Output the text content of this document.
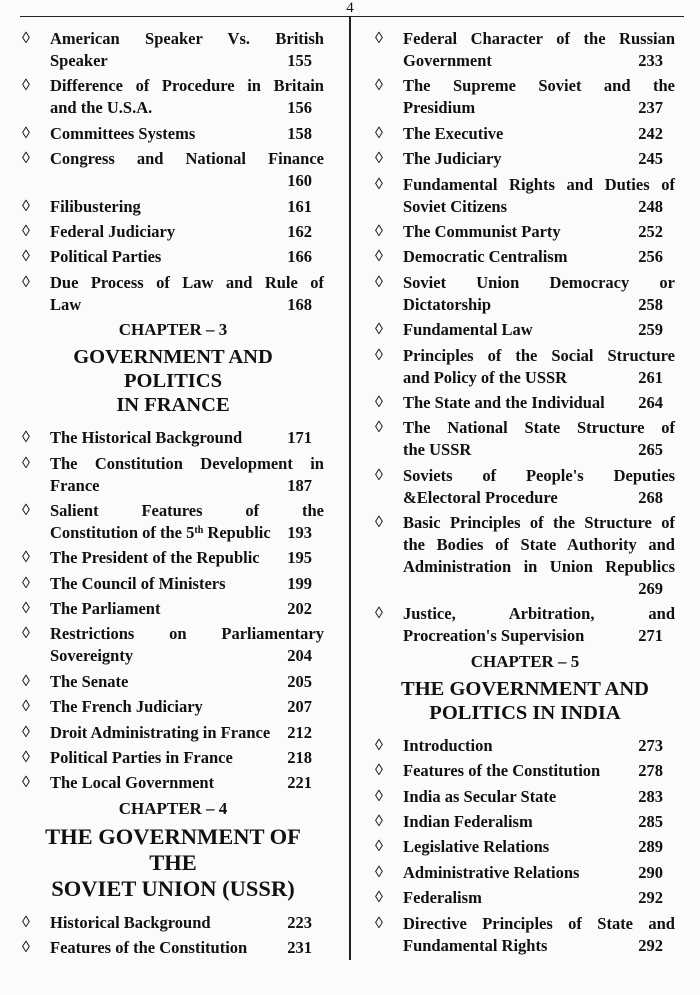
4
◊ American Speaker Vs. British
Speaker	155
◊ Difference of Procedure in Britain
and the U.S.A.	156
◊ Committees Systems	158
◊ Congress and National Finance
160
◊ Filibustering	161
◊ Federal Judiciary	162
◊ Political Parties	166
◊ Due Process of Law and Rule of
Law	168
CHAPTER – 3
GOVERNMENT AND POLITICS
IN FRANCE
◊ The Historical Background	171
◊ The Constitution Development in
France	187
◊ Salient Features of the
Constitution of the 5th Republic 193
◊ The President of the Republic 195
◊ The Council of Ministers	199
◊ The Parliament	202
◊ Restrictions on Parliamentary
Sovereignty	204
◊ The Senate	205
◊ The French Judiciary	207
◊ Droit Administrating in France 212
◊ Political Parties in France	218
◊ The Local Government	221
CHAPTER – 4
THE GOVERNMENT OF THE
SOVIET UNION (USSR)
◊ Historical Background	223
◊ Features of the Constitution 231
◊ Federal Character of the Russian
Government	233
◊ The Supreme Soviet and the
Presidium	237
◊ The Executive	242
◊ The Judiciary	245
◊ Fundamental Rights and Duties of
Soviet Citizens	248
◊ The Communist Party	252
◊ Democratic Centralism	256
◊ Soviet Union Democracy or
Dictatorship	258
◊ Fundamental Law	259
◊ Principles of the Social Structure
and Policy of the USSR	261
◊ The State and the Individual 264
◊ The National State Structure of
the USSR	265
◊ Soviets of People's Deputies
&Electoral Procedure	268
◊ Basic Principles of the Structure of
the Bodies of State Authority and
Administration in Union Republics
269
◊ Justice, Arbitration, and
Procreation's Supervision	271
CHAPTER – 5
THE GOVERNMENT AND
POLITICS IN INDIA
◊ Introduction	273
◊ Features of the Constitution 278
◊ India as Secular State	283
◊ Indian Federalism	285
◊ Legislative Relations	289
◊ Administrative Relations	290
◊ Federalism	292
◊ Directive Principles of State and
Fundamental Rights	292
